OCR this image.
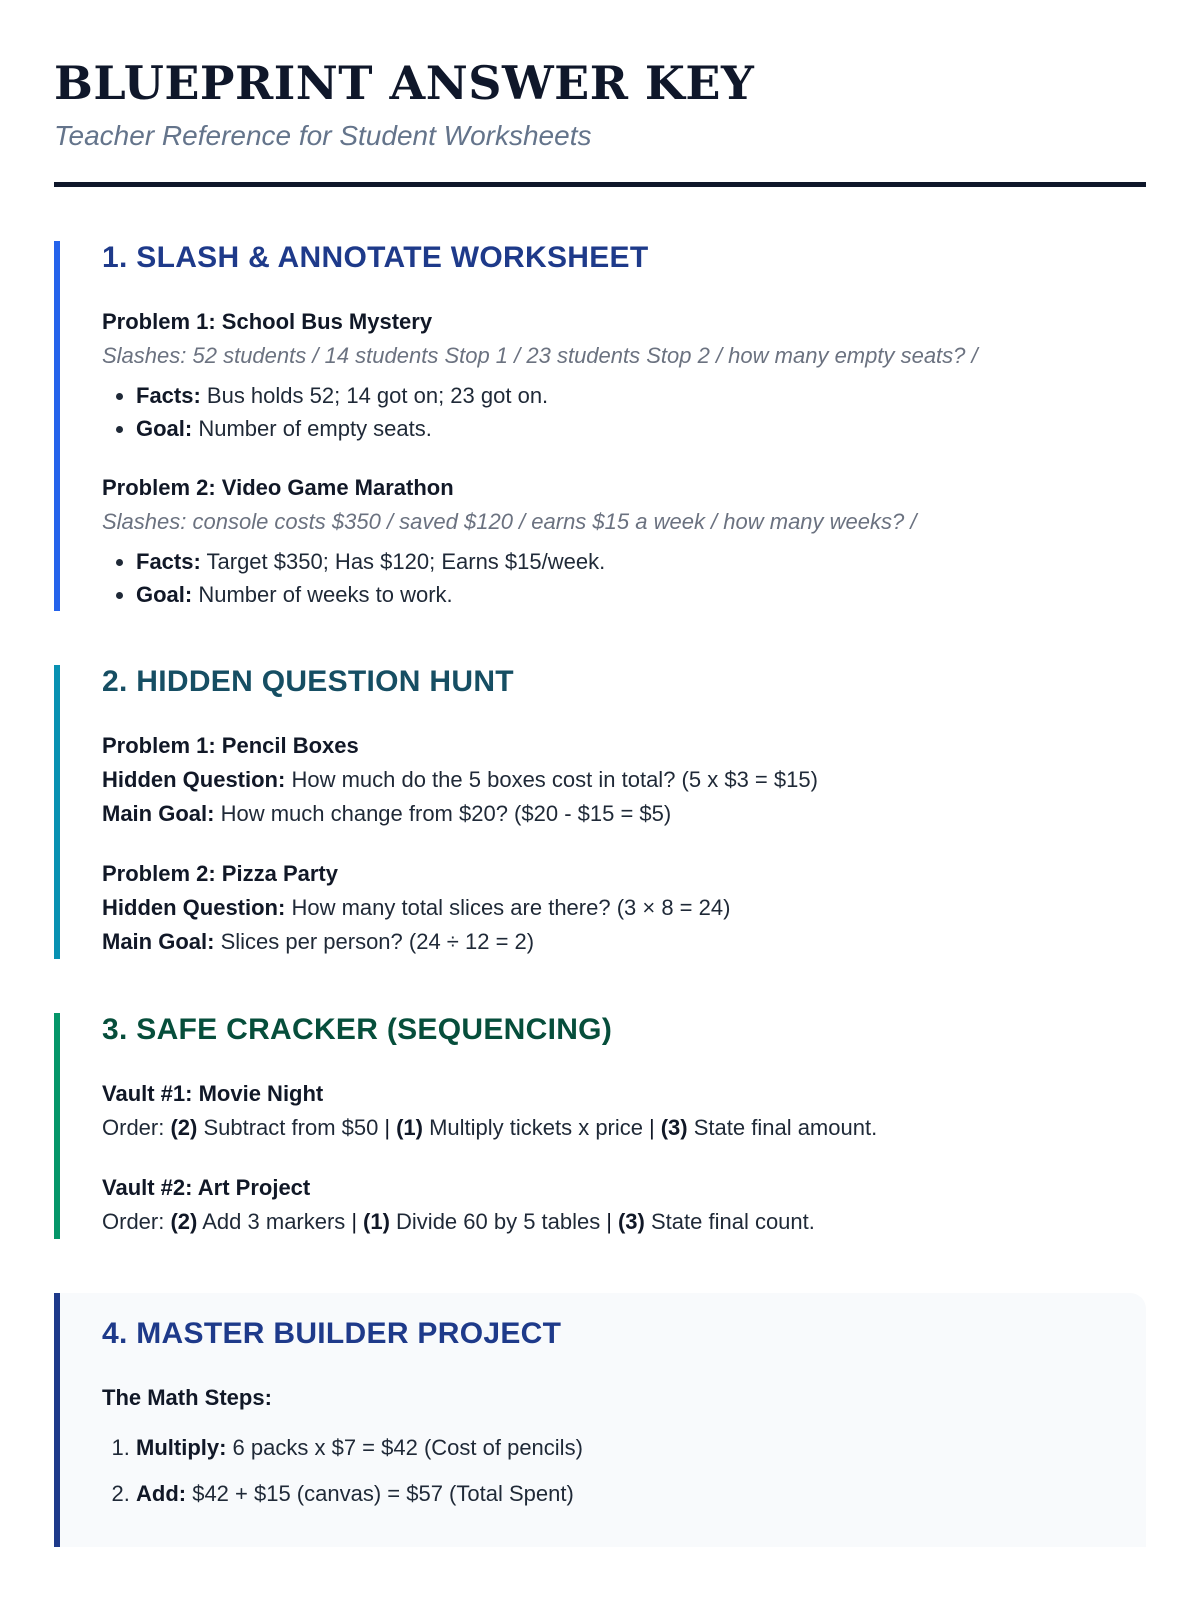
BLUEPRINT ANSWER KEY
Teacher Reference for Student Worksheets
1. SLASH & ANNOTATE WORKSHEET
Problem 1: School Bus Mystery
Slashes: 52 students / 14 students Stop 1 / 23 students Stop 2 / how many empty seats? /
• Facts: Bus holds 52; 14 got on; 23 got on.
• Goal: Number of empty seats.
Problem 2: Video Game Marathon
Slashes: console costs $350 / saved $120 / earns $15 a week / how many weeks? /
• Facts: Target $350; Has $120; Earns $15/week.
• Goal: Number of weeks to work.
2. HIDDEN QUESTION HUNT
Problem 1: Pencil Boxes
Hidden Question: How much do the 5 boxes cost in total? (5 x $3 = $15)
Main Goal: How much change from $20? ($20 - $15 = $5)
Problem 2: Pizza Party
Hidden Question: How many total slices are there? (3 × 8 = 24)
Main Goal: Slices per person? (24 ÷ 12 = 2)
3. SAFE CRACKER (SEQUENCING)
Vault #1: Movie Night
Order: (2) Subtract from $50 | (1) Multiply tickets x price | (3) State final amount.
Vault #2: Art Project
Order: (2) Add 3 markers | (1) Divide 60 by 5 tables | (3) State final count.
4. MASTER BUILDER PROJECT
The Math Steps:
1. Multiply: 6 packs x $7 = $42 (Cost of pencils)
2. Add: $42 + $15 (canvas) = $57 (Total Spent)
